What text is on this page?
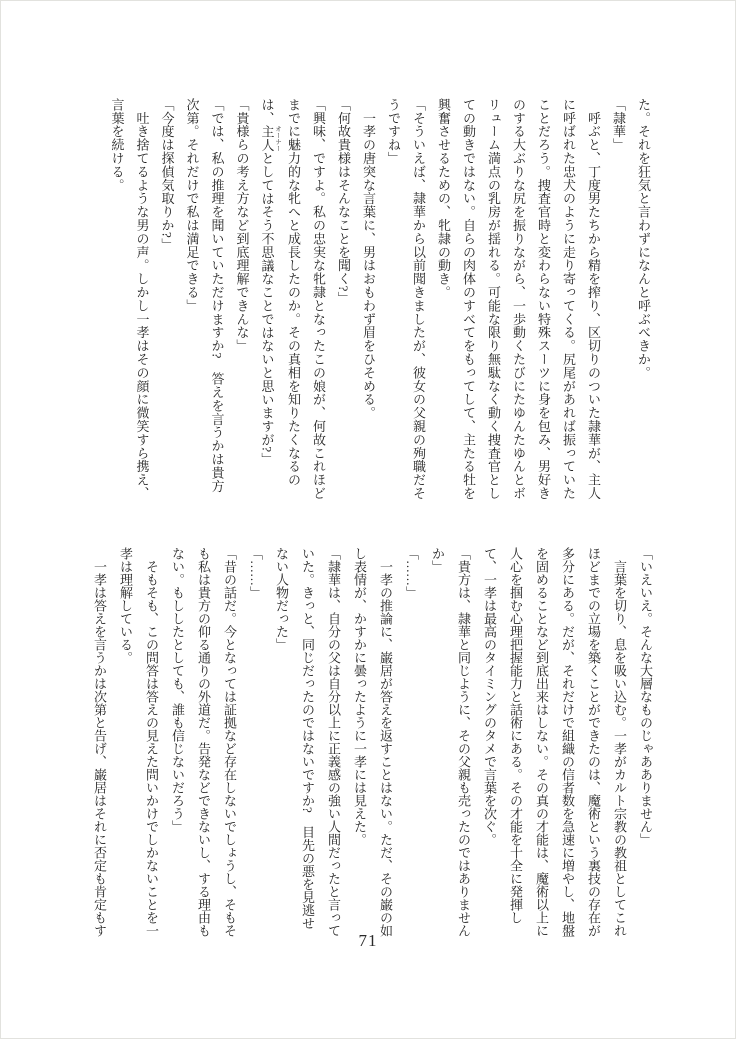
た。それを狂気と言わずになんと呼ぶべきか。

「隷華」

　呼ぶと、丁度男たちから精を搾り、区切りのついた隷華が、主人

に呼ばれた忠犬のように走り寄ってくる。尻尾があれば振っていた

ことだろう。捜査官時と変わらない特殊スーツに身を包み、男好き

のする大ぶりな尻を振りながら、一歩動くたびにたゆんたゆんとボ

リューム満点の乳房が揺れる。可能な限り無駄なく動く捜査官とし

ての動きではない。自らの肉体のすべてをもってして、主たる牡を

興奮させるための、牝隷の動き。

「そういえば、隷華から以前聞きましたが、彼女の父親の殉職だそ

うですね」

　一孝の唐突な言葉に、男はおもわず眉をひそめる。

「何故貴様はそんなことを聞く?」

「興味、ですよ。私の忠実な牝隷となったこの娘が、何故これほど

までに魅力的な牝へと成長したのか。その真相を知りたくなるの

は、主人 オーナーとしてはそう不思議なことではないと思いますが?」

「貴様らの考え方など到底理解できんな」

「では、私の推理を聞いていただけますか?　答えを言うかは貴方

次第。それだけで私は満足できる」

「今度は探偵気取りか?」

　吐き捨てるような男の声。しかし一孝はその顔に微笑すら携え、

言葉を続ける。

「いえいえ。そんな大層なものじゃあありません」

　言葉を切り、息を吸い込む。一孝がカルト宗教の教祖としてこれ

ほどまでの立場を築くことができたのは、魔術という裏技の存在が

多分にある。だが、それだけで組織の信者数を急速に増やし、地盤

を固めることなど到底出来はしない。その真の才能は、魔術以上に

人心を掴む心理把握能力と話術にある。その才能を十全に発揮し

て、一孝は最高のタイミングのタメで言葉を次ぐ。

「貴方は、隷華と同じように、その父親も売ったのではありません

か」

「……」

　一孝の推論に、巌居が答えを返すことはない。ただ、その巌の如

し表情が、かすかに曇ったように一孝には見えた。

「隷華は、自分の父は自分以上に正義感の強い人間だったと言って

いた。きっと、同じだったのではないですか?　目先の悪を見逃せ

ない人物だった」

「……」

「昔の話だ。今となっては証拠など存在しないでしょうし、そもそ

も私は貴方の仰る通りの外道だ。告発などできないし、する理由も

ない。もししたとしても、誰も信じないだろう」

　そもそも、この問答は答えの見えた問いかけでしかないことを一

孝は理解している。

　一孝は答えを言うかは次第と告げ、巌居はそれに否定も肯定もす

71
